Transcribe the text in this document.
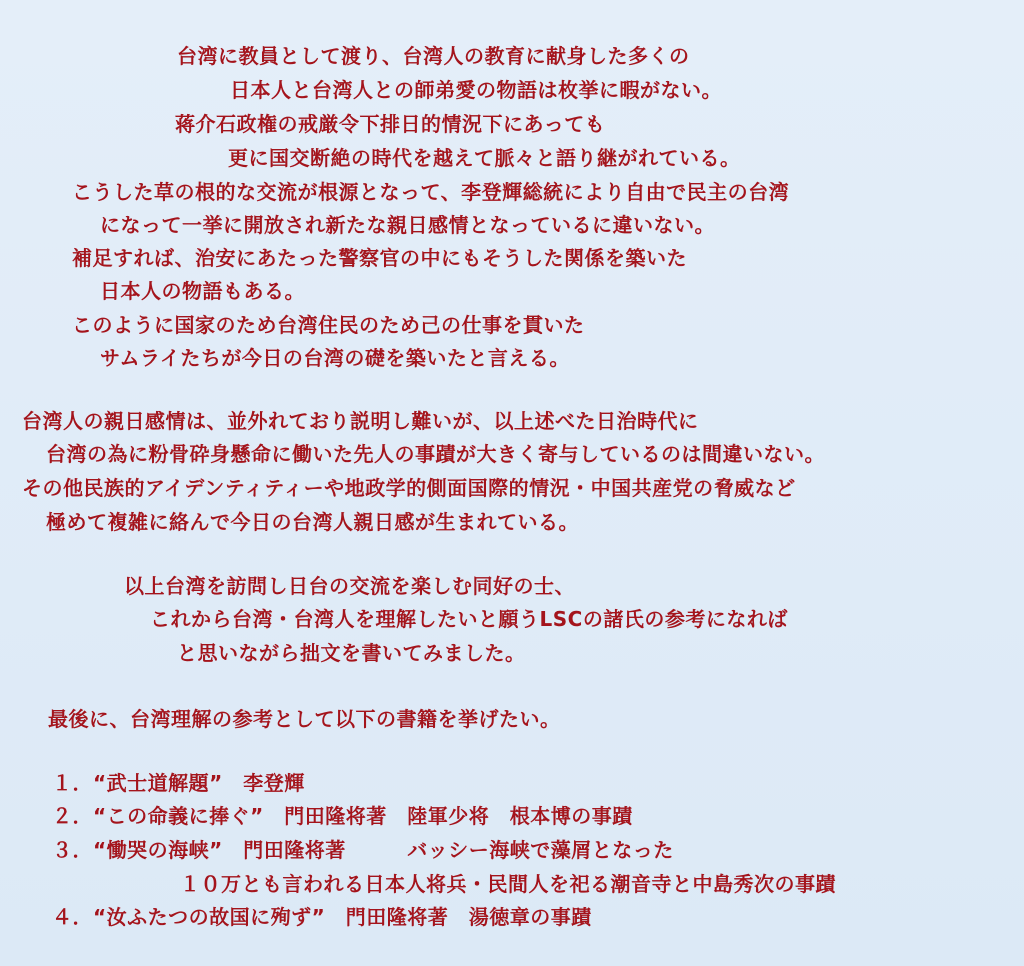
台湾に教員として渡り、台湾人の教育に献身した多くの
日本人と台湾人との師弟愛の物語は枚挙に暇がない。
蒋介石政権の戒厳令下排日的情況下にあっても
更に国交断絶の時代を越えて脈々と語り継がれている。
こうした草の根的な交流が根源となって、李登輝総統により自由で民主の台湾
になって一挙に開放され新たな親日感情となっているに違いない。
補足すれば、治安にあたった警察官の中にもそうした関係を築いた
日本人の物語もある。
このように国家のため台湾住民のため己の仕事を貫いた
サムライたちが今日の台湾の礎を築いたと言える。
台湾人の親日感情は、並外れており説明し難いが、以上述べた日治時代に
台湾の為に粉骨砕身懸命に働いた先人の事蹟が大きく寄与しているのは間違いない。
その他民族的アイデンティティーや地政学的側面国際的情況・中国共産党の脅威など
極めて複雑に絡んで今日の台湾人親日感が生まれている。
以上台湾を訪問し日台の交流を楽しむ同好の士、
これから台湾・台湾人を理解したいと願うLSCの諸氏の参考になれば
と思いながら拙文を書いてみました。
最後に、台湾理解の参考として以下の書籍を挙げたい。
１．“武士道解題”　李登輝
２．“この命義に捧ぐ”　門田隆将著　陸軍少将　根本博の事蹟
３．“慟哭の海峡”　門田隆将著　　　バッシー海峡で藻屑となった
１０万とも言われる日本人将兵・民間人を祀る潮音寺と中島秀次の事蹟
４．“汝ふたつの故国に殉ず”　門田隆将著　湯徳章の事蹟
